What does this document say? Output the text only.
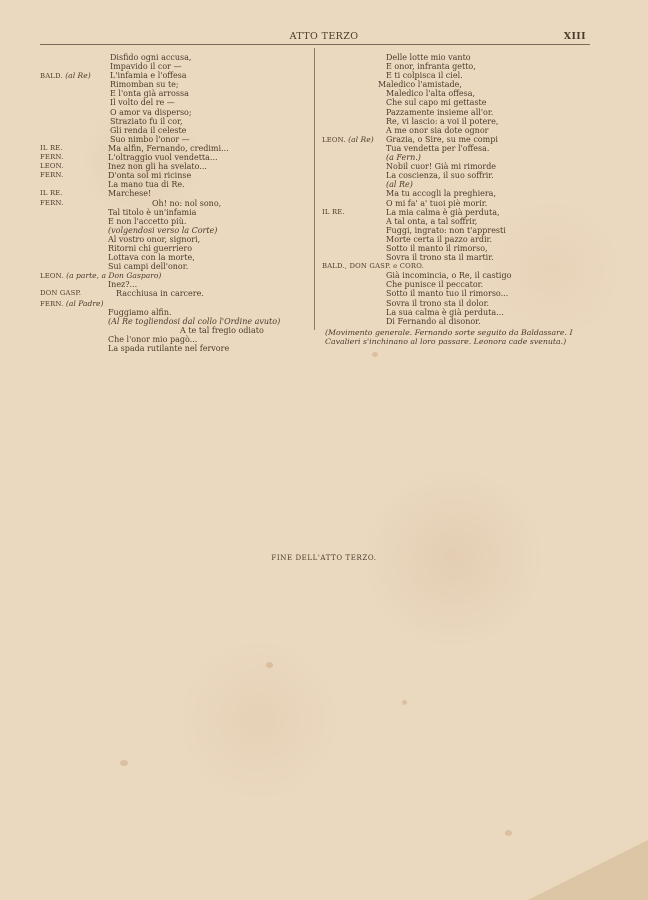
ATTO TERZO	XIII
Disfido ogni accusa,
Impavido il cor —
BALD. (al Re) L'infamia e l'offesa
Rimomban su te;
E l'onta già arrossa
Il volto del re —
O amor va disperso;
Straziato fu il cor,
Gli renda il celeste
Suo nimbo l'onor —
IL RE.	Ma alfin, Fernando, credimi...
FERN.	L'oltraggio vuol vendetta...
LEON.	Inez non gli ha svelato...
FERN.	D'onta sol mi ricinse
La mano tua di Re.
IL RE.	Marchese!
FERN.	Oh! no: nol sono,
Tal titolo è un'infamia
E non l'accetto più.
(volgendosi verso la Corte)
Al vostro onor, signori,
Ritorni chi guerriero
Lottava con la morte,
Sui campi dell'onor.
LEON. (a parte, a Don Gasparo)
Inez?...
DON GASP.	Racchiusa in carcere.
FERN. (al Padre)
Fuggiamo alfin.
(Al Re togliendosi dal collo l'Ordine avuto)
A te tal fregio odiato
Che l'onor mio pagò...
La spada rutilante nel fervore
Delle lotte mio vanto
E onor, infranta getto,
E ti colpisca il ciel.
Maledico l'amistade,
Maledico l'alta offesa,
Che sul capo mi gettaste
Pazzamente insieme all'or.
Re, vi lascio: a voi il potere,
A me onor sia dote ognor
LEON. (al Re) Grazia, o Sire, su me compi
Tua vendetta per l'offesa.
(a Fern.)
Nobil cuor! Già mi rimorde
La coscienza, il suo soffrir.
(al Re)
Ma tu accogli la preghiera,
O mi fa' a' tuoi piè morir.
IL RE.	La mia calma è già perduta,
A tal onta, a tal soffrir,
Fuggi, ingrato: non t'appresti
Morte certa il pazzo ardir.
Sotto il manto il rimorso,
Sovra il trono sta il martir.
BALD., DON GASP. e CORO.
Già incomincia, o Re, il castigo
Che punisce il peccator.
Sotto il manto tuo il rimorso...
Sovra il trono sta il dolor.
La sua calma è già perduta...
Di Fernando al disonor.
(Movimento generale. Fernando sorte seguito da Baldassare. I Cavalieri s'inchinano al loro passare. Leonora cade svenuta.)
FINE DELL'ATTO TERZO.
